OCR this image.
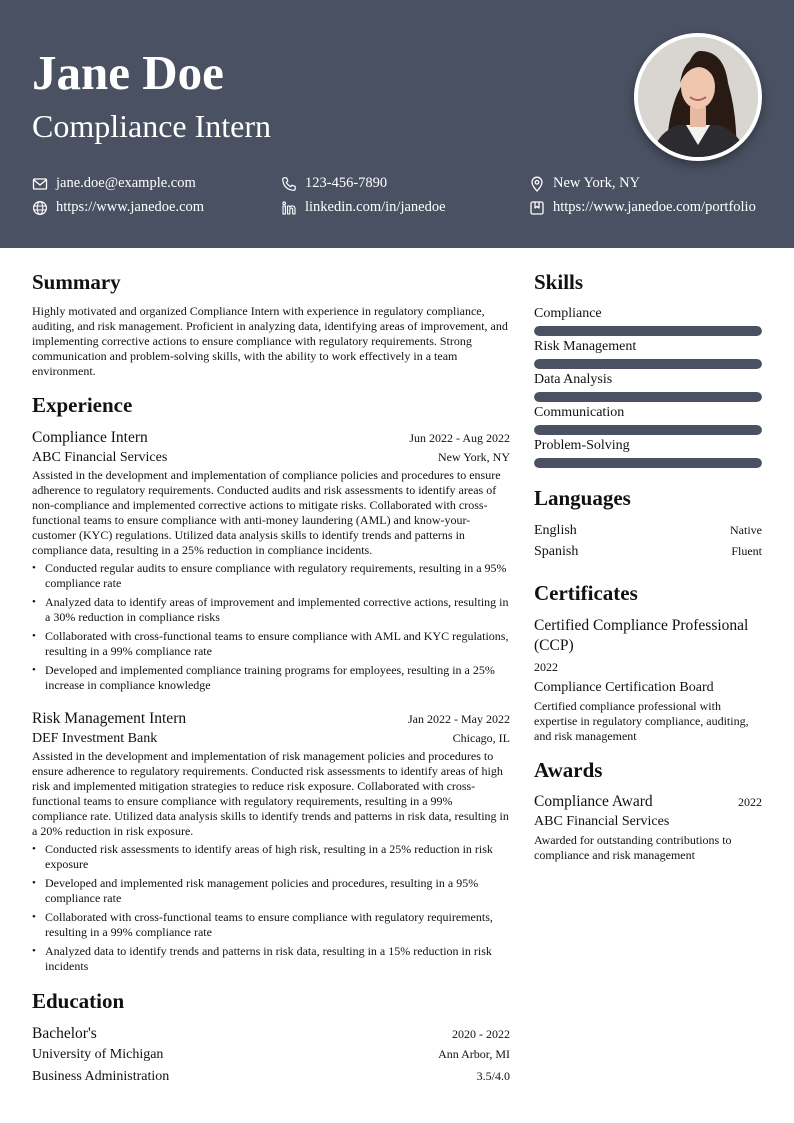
Jane Doe
Compliance Intern
jane.doe@example.com	123-456-7890	New York, NY
https://www.janedoe.com	linkedin.com/in/janedoe	https://www.janedoe.com/portfolio
Summary
Highly motivated and organized Compliance Intern with experience in regulatory compliance, auditing, and risk management. Proficient in analyzing data, identifying areas of improvement, and implementing corrective actions to ensure compliance with regulatory requirements. Strong communication and problem-solving skills, with the ability to work effectively in a team environment.
Experience
Compliance Intern	Jun 2022 - Aug 2022
ABC Financial Services	New York, NY
Assisted in the development and implementation of compliance policies and procedures to ensure adherence to regulatory requirements. Conducted audits and risk assessments to identify areas of non-compliance and implemented corrective actions to mitigate risks. Collaborated with cross-functional teams to ensure compliance with anti-money laundering (AML) and know-your-customer (KYC) regulations. Utilized data analysis skills to identify trends and patterns in compliance data, resulting in a 25% reduction in compliance incidents.
• Conducted regular audits to ensure compliance with regulatory requirements, resulting in a 95% compliance rate
• Analyzed data to identify areas of improvement and implemented corrective actions, resulting in a 30% reduction in compliance risks
• Collaborated with cross-functional teams to ensure compliance with AML and KYC regulations, resulting in a 99% compliance rate
• Developed and implemented compliance training programs for employees, resulting in a 25% increase in compliance knowledge
Risk Management Intern	Jan 2022 - May 2022
DEF Investment Bank	Chicago, IL
Assisted in the development and implementation of risk management policies and procedures to ensure adherence to regulatory requirements. Conducted risk assessments to identify areas of high risk and implemented mitigation strategies to reduce risk exposure. Collaborated with cross-functional teams to ensure compliance with regulatory requirements, resulting in a 99% compliance rate. Utilized data analysis skills to identify trends and patterns in risk data, resulting in a 20% reduction in risk exposure.
• Conducted risk assessments to identify areas of high risk, resulting in a 25% reduction in risk exposure
• Developed and implemented risk management policies and procedures, resulting in a 95% compliance rate
• Collaborated with cross-functional teams to ensure compliance with regulatory requirements, resulting in a 99% compliance rate
• Analyzed data to identify trends and patterns in risk data, resulting in a 15% reduction in risk incidents
Education
Bachelor's	2020 - 2022
University of Michigan	Ann Arbor, MI
Business Administration	3.5/4.0
Skills
Compliance
Risk Management
Data Analysis
Communication
Problem-Solving
Languages
English	Native
Spanish	Fluent
Certificates
Certified Compliance Professional (CCP)
2022
Compliance Certification Board
Certified compliance professional with expertise in regulatory compliance, auditing, and risk management
Awards
Compliance Award	2022
ABC Financial Services
Awarded for outstanding contributions to compliance and risk management
